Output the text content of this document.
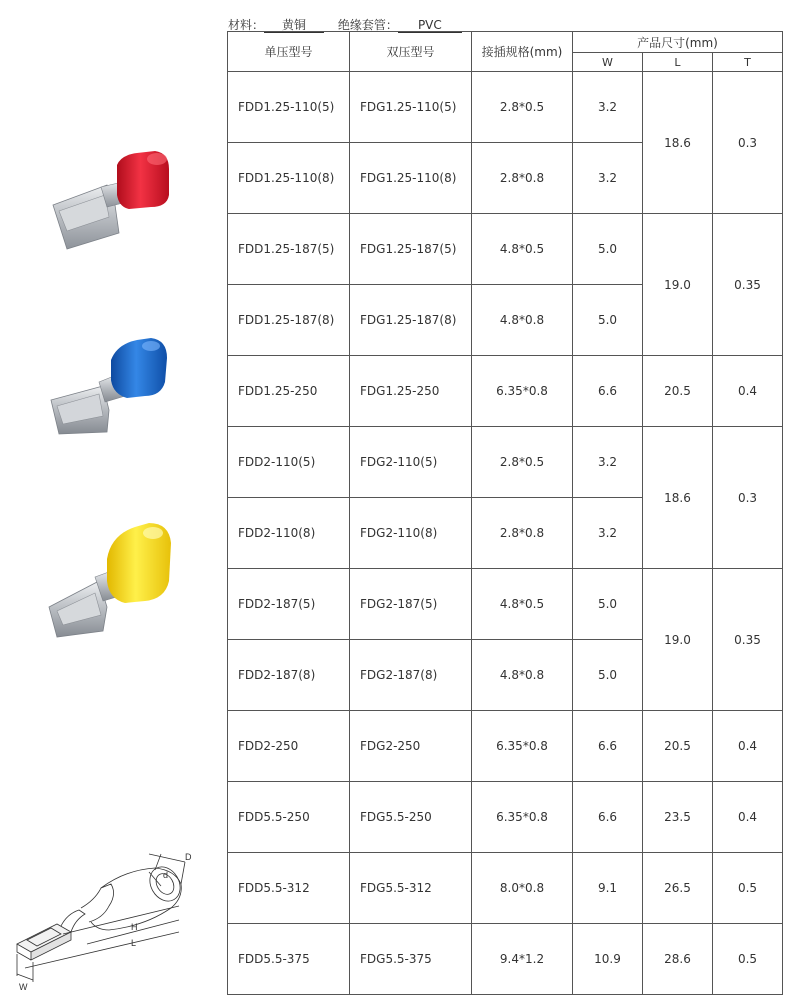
材料： 黄铜	绝缘套管： PVC
D
d
H
L
W
单压型号	双压型号	接插规格(mm)	产品尺寸(mm)		
			W	L	T
FDD1.25-110(5)	FDG1.25-110(5)	2.8*0.5	3.2	18.6	0.3
FDD1.25-110(8)	FDG1.25-110(8)	2.8*0.8	3.2		
FDD1.25-187(5)	FDG1.25-187(5)	4.8*0.5	5.0	19.0	0.35
FDD1.25-187(8)	FDG1.25-187(8)	4.8*0.8	5.0		
FDD1.25-250	FDG1.25-250	6.35*0.8	6.6	20.5	0.4
FDD2-110(5)	FDG2-110(5)	2.8*0.5	3.2	18.6	0.3
FDD2-110(8)	FDG2-110(8)	2.8*0.8	3.2		
FDD2-187(5)	FDG2-187(5)	4.8*0.5	5.0	19.0	0.35
FDD2-187(8)	FDG2-187(8)	4.8*0.8	5.0		
FDD2-250	FDG2-250	6.35*0.8	6.6	20.5	0.4
FDD5.5-250	FDG5.5-250	6.35*0.8	6.6	23.5	0.4
FDD5.5-312	FDG5.5-312	8.0*0.8	9.1	26.5	0.5
FDD5.5-375	FDG5.5-375	9.4*1.2	10.9	28.6	0.5
